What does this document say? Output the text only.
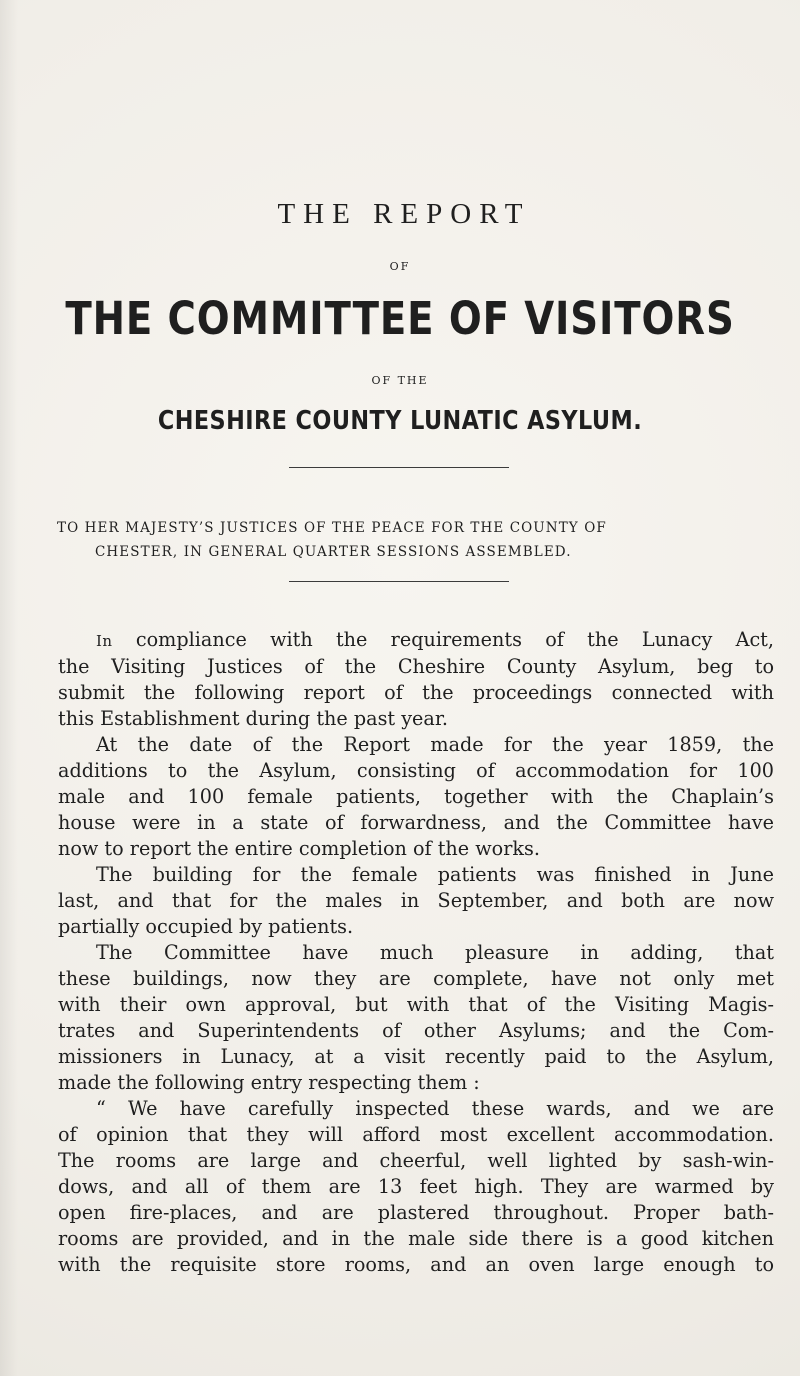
THE REPORT
OF
THE COMMITTEE OF VISITORS
OF THE
CHESHIRE COUNTY LUNATIC ASYLUM.
TO HER MAJESTY’S JUSTICES OF THE PEACE FOR THE COUNTY OF
CHESTER, IN GENERAL QUARTER SESSIONS ASSEMBLED.
In compliance with the requirements of the Lunacy Act,
the Visiting Justices of the Cheshire County Asylum, beg to
submit the following report of the proceedings connected with
this Establishment during the past year.
At the date of the Report made for the year 1859, the
additions to the Asylum, consisting of accommodation for 100
male and 100 female patients, together with the Chaplain’s
house were in a state of forwardness, and the Committee have
now to report the entire completion of the works.
The building for the female patients was finished in June
last, and that for the males in September, and both are now
partially occupied by patients.
The Committee have much pleasure in adding, that
these buildings, now they are complete, have not only met
with their own approval, but with that of the Visiting Magis-
trates and Superintendents of other Asylums; and the Com-
missioners in Lunacy, at a visit recently paid to the Asylum,
made the following entry respecting them :
“ We have carefully inspected these wards, and we are
of opinion that they will afford most excellent accommodation.
The rooms are large and cheerful, well lighted by sash-win-
dows, and all of them are 13 feet high. They are warmed by
open fire-places, and are plastered throughout. Proper bath-
rooms are provided, and in the male side there is a good kitchen
with the requisite store rooms, and an oven large enough to
